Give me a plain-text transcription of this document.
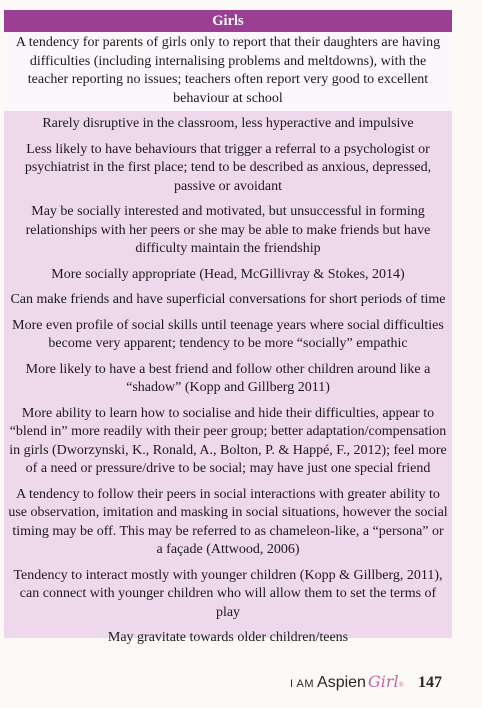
Girls
A tendency for parents of girls only to report that their daughters are having difficulties (including internalising problems and meltdowns), with the teacher reporting no issues; teachers often report very good to excellent behaviour at school
Rarely disruptive in the classroom, less hyperactive and impulsive
Less likely to have behaviours that trigger a referral to a psychologist or psychiatrist in the first place; tend to be described as anxious, depressed, passive or avoidant
May be socially interested and motivated, but unsuccessful in forming relationships with her peers or she may be able to make friends but have difficulty maintain the friendship
More socially appropriate (Head, McGillivray & Stokes, 2014)
Can make friends and have superficial conversations for short periods of time
More even profile of social skills until teenage years where social difficulties become very apparent; tendency to be more “socially” empathic
More likely to have a best friend and follow other children around like a “shadow” (Kopp and Gillberg 2011)
More ability to learn how to socialise and hide their difficulties, appear to “blend in” more readily with their peer group; better adaptation/compensation in girls (Dworzynski, K., Ronald, A., Bolton, P. & Happé, F., 2012); feel more of a need or pressure/drive to be social; may have just one special friend
A tendency to follow their peers in social interactions with greater ability to use observation, imitation and masking in social situations, however the social timing may be off. This may be referred to as chameleon-like, a “persona” or a façade (Attwood, 2006)
Tendency to interact mostly with younger children (Kopp & Gillberg, 2011), can connect with younger children who will allow them to set the terms of play
May gravitate towards older children/teens
I AM Aspien Girl ® 147
